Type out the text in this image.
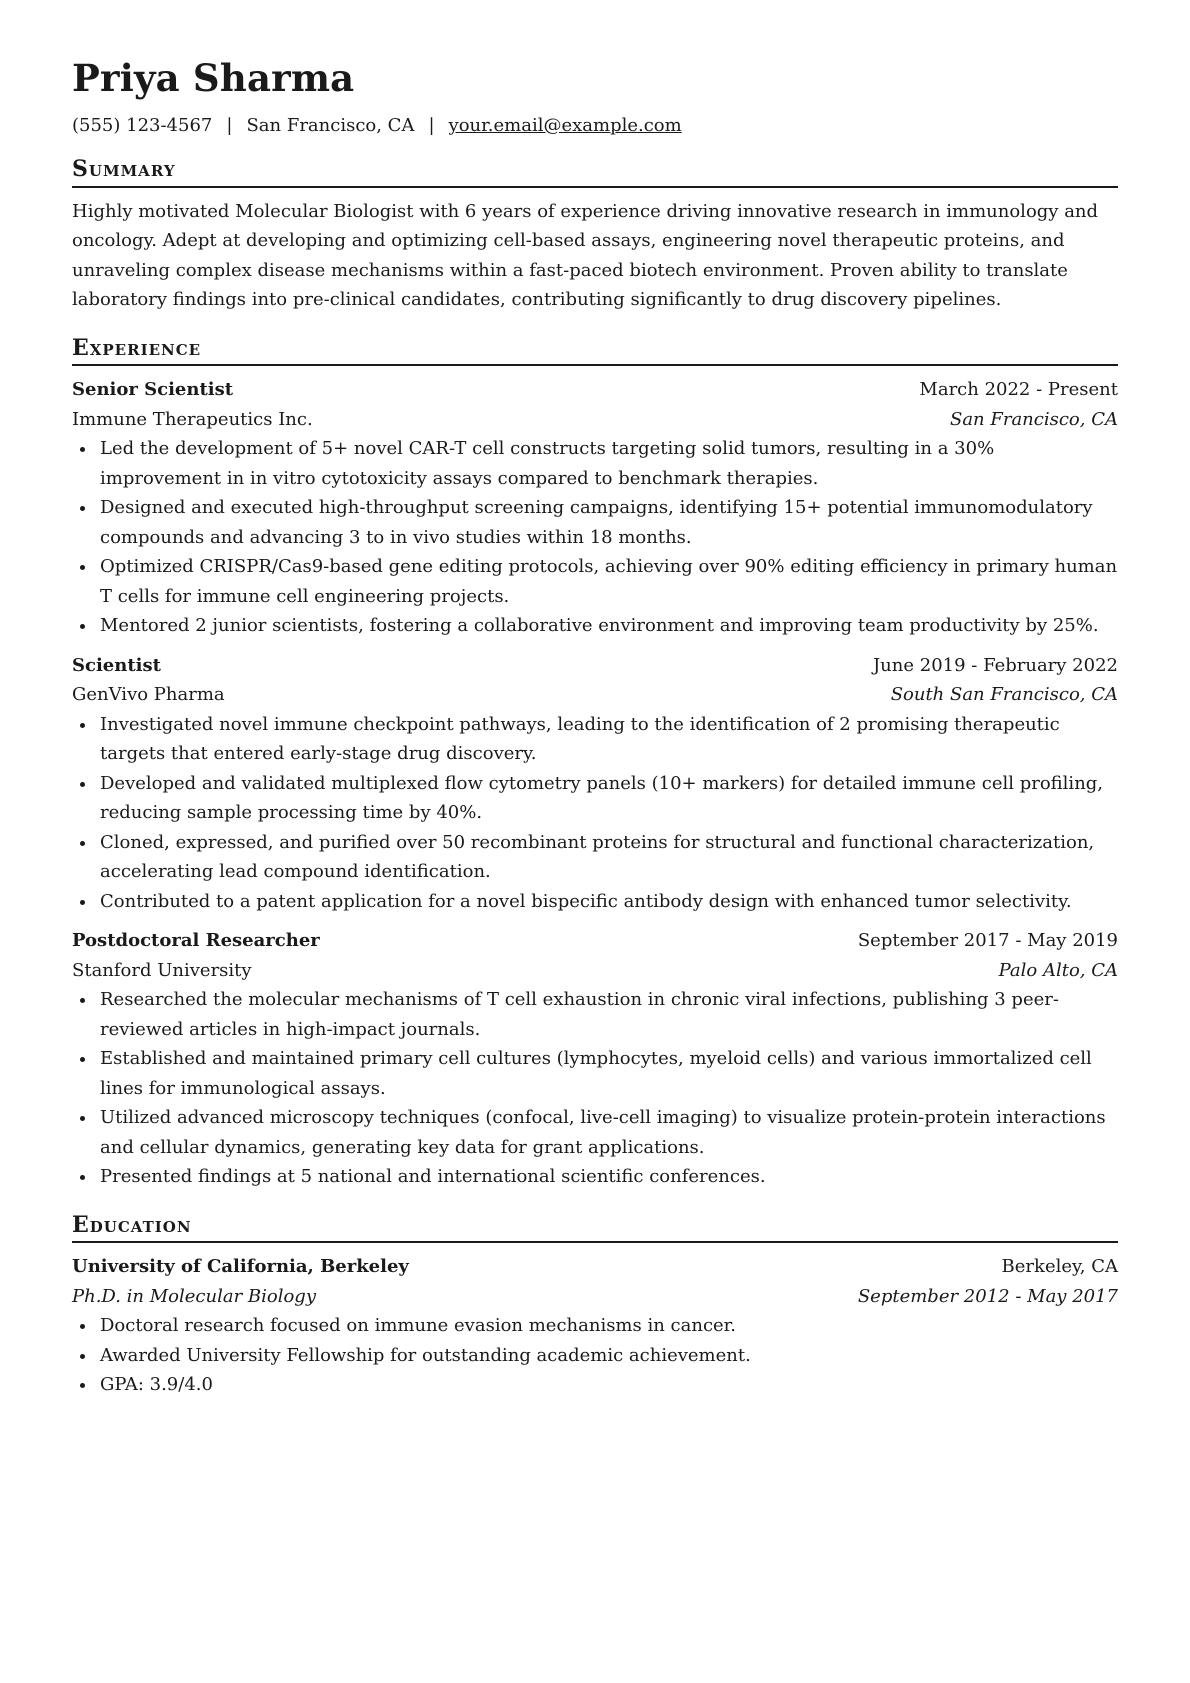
Priya Sharma
(555) 123-4567 | San Francisco, CA | your.email@example.com
Summary

Highly motivated Molecular Biologist with 6 years of experience driving innovative research in immunology and oncology. Adept at developing and optimizing cell-based assays, engineering novel therapeutic proteins, and unraveling complex disease mechanisms within a fast-paced biotech environment. Proven ability to translate laboratory findings into pre-clinical candidates, contributing significantly to drug discovery pipelines.

Experience
Senior Scientist	March 2022 - Present
Immune Therapeutics Inc.	San Francisco, CA
Led the development of 5+ novel CAR-T cell constructs targeting solid tumors, resulting in a 30% improvement in in vitro cytotoxicity assays compared to benchmark therapies.
Designed and executed high-throughput screening campaigns, identifying 15+ potential immunomodulatory compounds and advancing 3 to in vivo studies within 18 months.
Optimized CRISPR/Cas9-based gene editing protocols, achieving over 90% editing efficiency in primary human T cells for immune cell engineering projects.
Mentored 2 junior scientists, fostering a collaborative environment and improving team productivity by 25%.
Scientist	June 2019 - February 2022
GenVivo Pharma	South San Francisco, CA
Investigated novel immune checkpoint pathways, leading to the identification of 2 promising therapeutic targets that entered early-stage drug discovery.
Developed and validated multiplexed flow cytometry panels (10+ markers) for detailed immune cell profiling, reducing sample processing time by 40%.
Cloned, expressed, and purified over 50 recombinant proteins for structural and functional characterization, accelerating lead compound identification.
Contributed to a patent application for a novel bispecific antibody design with enhanced tumor selectivity.
Postdoctoral Researcher	September 2017 - May 2019
Stanford University	Palo Alto, CA
Researched the molecular mechanisms of T cell exhaustion in chronic viral infections, publishing 3 peer-reviewed articles in high-impact journals.
Established and maintained primary cell cultures (lymphocytes, myeloid cells) and various immortalized cell lines for immunological assays.
Utilized advanced microscopy techniques (confocal, live-cell imaging) to visualize protein-protein interactions and cellular dynamics, generating key data for grant applications.
Presented findings at 5 national and international scientific conferences.
Education
University of California, Berkeley	Berkeley, CA
Ph.D. in Molecular Biology	September 2012 - May 2017
Doctoral research focused on immune evasion mechanisms in cancer.
Awarded University Fellowship for outstanding academic achievement.
GPA: 3.9/4.0
